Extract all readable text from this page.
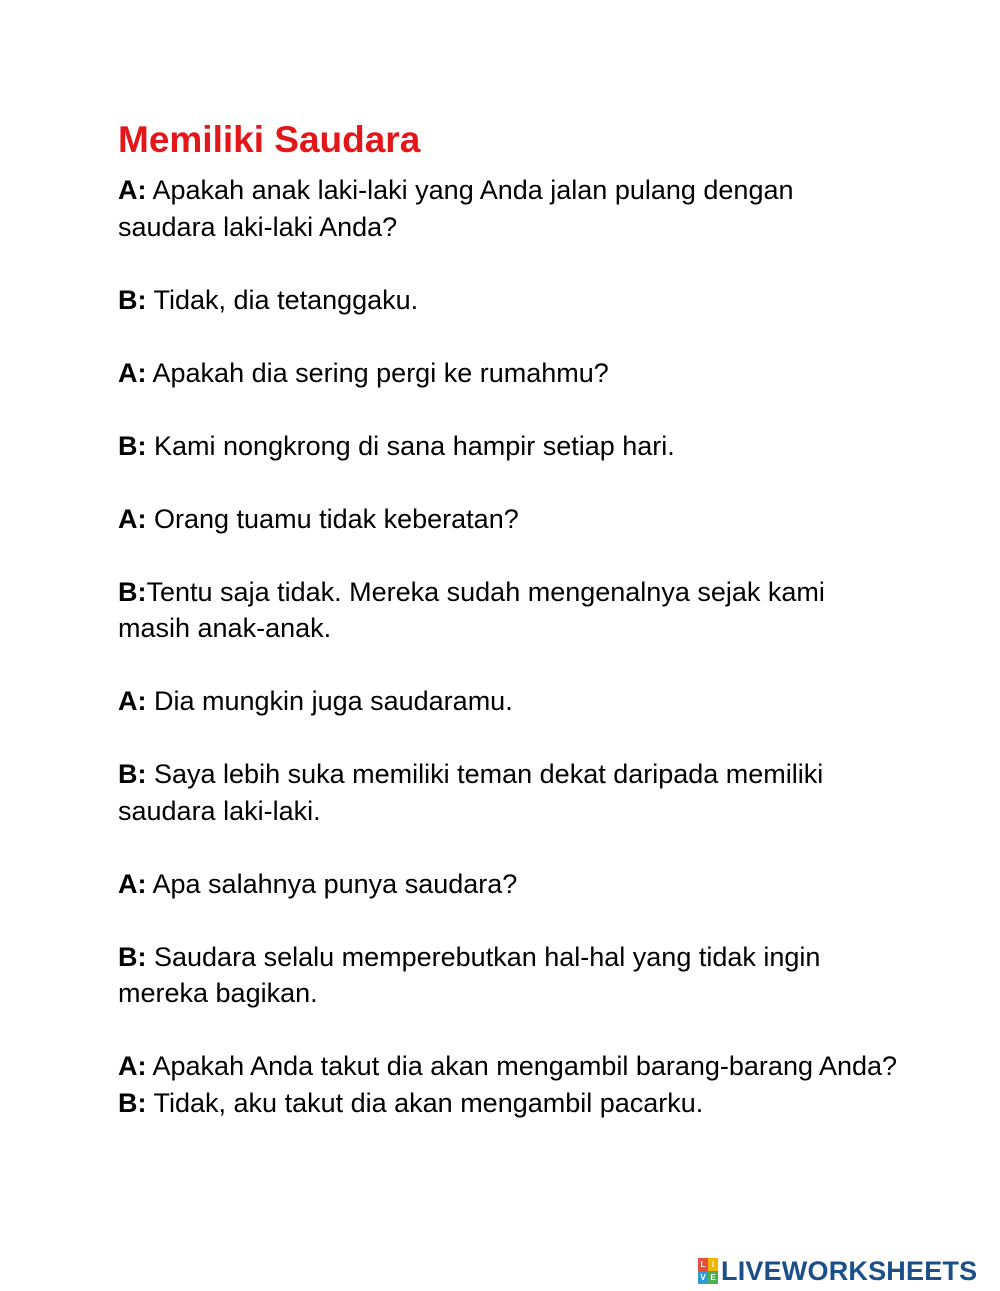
Memiliki Saudara

A: Apakah anak laki-laki yang Anda jalan pulang dengan saudara laki-laki Anda?

B: Tidak, dia tetanggaku.

A: Apakah dia sering pergi ke rumahmu?

B: Kami nongkrong di sana hampir setiap hari.

A: Orang tuamu tidak keberatan?

B:Tentu saja tidak. Mereka sudah mengenalnya sejak kami masih anak-anak.

A: Dia mungkin juga saudaramu.

B: Saya lebih suka memiliki teman dekat daripada memiliki saudara laki-laki.

A: Apa salahnya punya saudara?

B: Saudara selalu memperebutkan hal-hal yang tidak ingin mereka bagikan.

A: Apakah Anda takut dia akan mengambil barang-barang Anda?

B: Tidak, aku takut dia akan mengambil pacarku.

L I
V E LIVEWORKSHEETS
